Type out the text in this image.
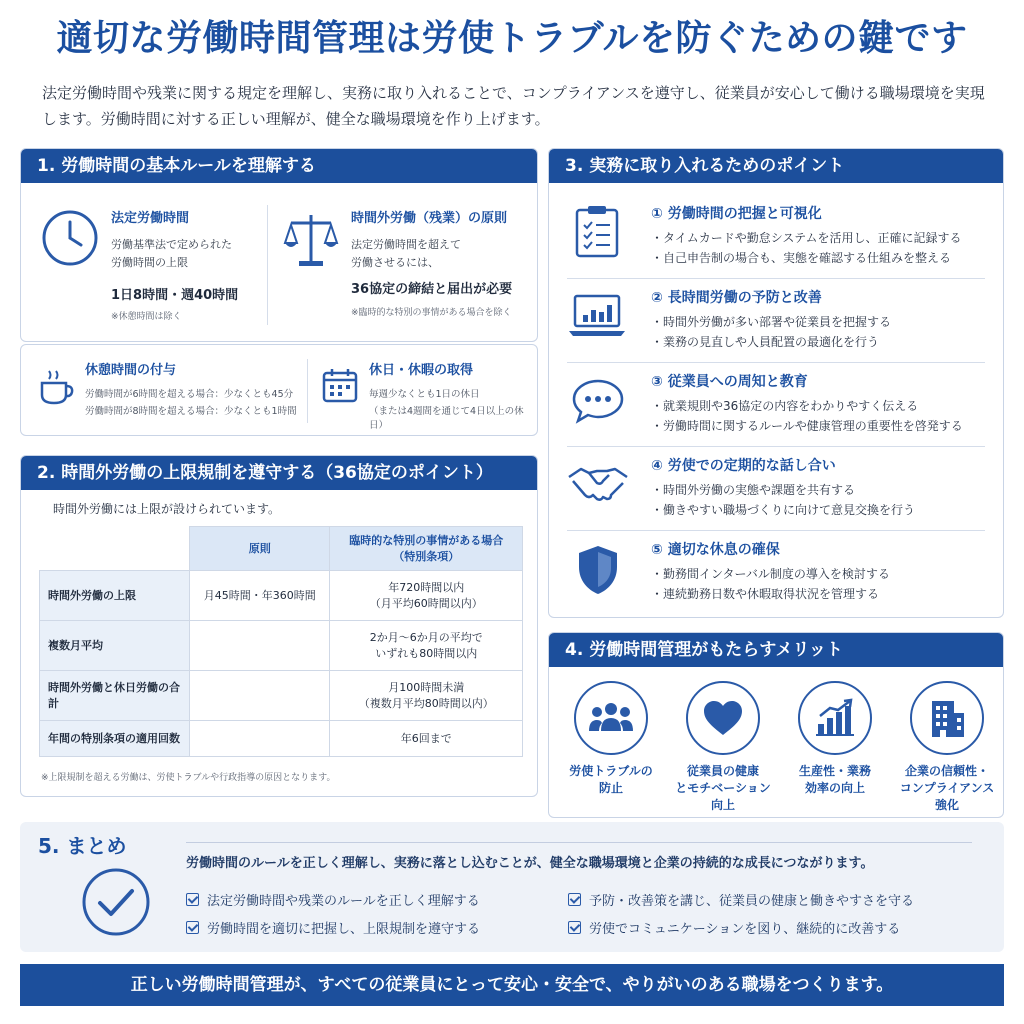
適切な労働時間管理は労使トラブルを防ぐための鍵です
法定労働時間や残業に関する規定を理解し、実務に取り入れることで、コンプライアンスを遵守し、従業員が安心して働ける職場環境を実現します。労働時間に対する正しい理解が、健全な職場環境を作り上げます。
1. 労働時間の基本ルールを理解する
法定労働時間
労働基準法で定められた
労働時間の上限
1日8時間・週40時間
※休憩時間は除く
時間外労働（残業）の原則
法定労働時間を超えて
労働させるには、
36協定の締結と届出が必要
※臨時的な特別の事情がある場合を除く
休憩時間の付与
労働時間が6時間を超える場合：少なくとも45分
労働時間が8時間を超える場合：少なくとも1時間
休日・休暇の取得
毎週少なくとも1日の休日
（または4週間を通じて4日以上の休日）
2. 時間外労働の上限規制を遵守する（36協定のポイント）
時間外労働には上限が設けられています。
	原則	臨時的な特別の事情がある場合
（特別条項）

時間外労働の上限	月45時間・年360時間	年720時間以内
（月平均60時間以内）

複数月平均		2か月〜6か月の平均で
いずれも80時間以内

時間外労働と休日労働の合計		月100時間未満
（複数月平均80時間以内）

年間の特別条項の適用回数		年6回まで
※上限規制を超える労働は、労使トラブルや行政指導の原因となります。
3. 実務に取り入れるためのポイント
① 労働時間の把握と可視化
・タイムカードや勤怠システムを活用し、正確に記録する
・自己申告制の場合も、実態を確認する仕組みを整える
② 長時間労働の予防と改善
・時間外労働が多い部署や従業員を把握する
・業務の見直しや人員配置の最適化を行う
③ 従業員への周知と教育
・就業規則や36協定の内容をわかりやすく伝える
・労働時間に関するルールや健康管理の重要性を啓発する
④ 労使での定期的な話し合い
・時間外労働の実態や課題を共有する
・働きやすい職場づくりに向けて意見交換を行う
⑤ 適切な休息の確保
・勤務間インターバル制度の導入を検討する
・連続勤務日数や休暇取得状況を管理する
4. 労働時間管理がもたらすメリット
労使トラブルの
防止
従業員の健康
とモチベーション
向上
生産性・業務
効率の向上
企業の信頼性・
コンプライアンス
強化
5. まとめ
労働時間のルールを正しく理解し、実務に落とし込むことが、健全な職場環境と企業の持続的な成長につながります。
法定労働時間や残業のルールを正しく理解する	予防・改善策を講じ、従業員の健康と働きやすさを守る
労働時間を適切に把握し、上限規制を遵守する	労使でコミュニケーションを図り、継続的に改善する
正しい労働時間管理が、すべての従業員にとって安心・安全で、やりがいのある職場をつくります。
